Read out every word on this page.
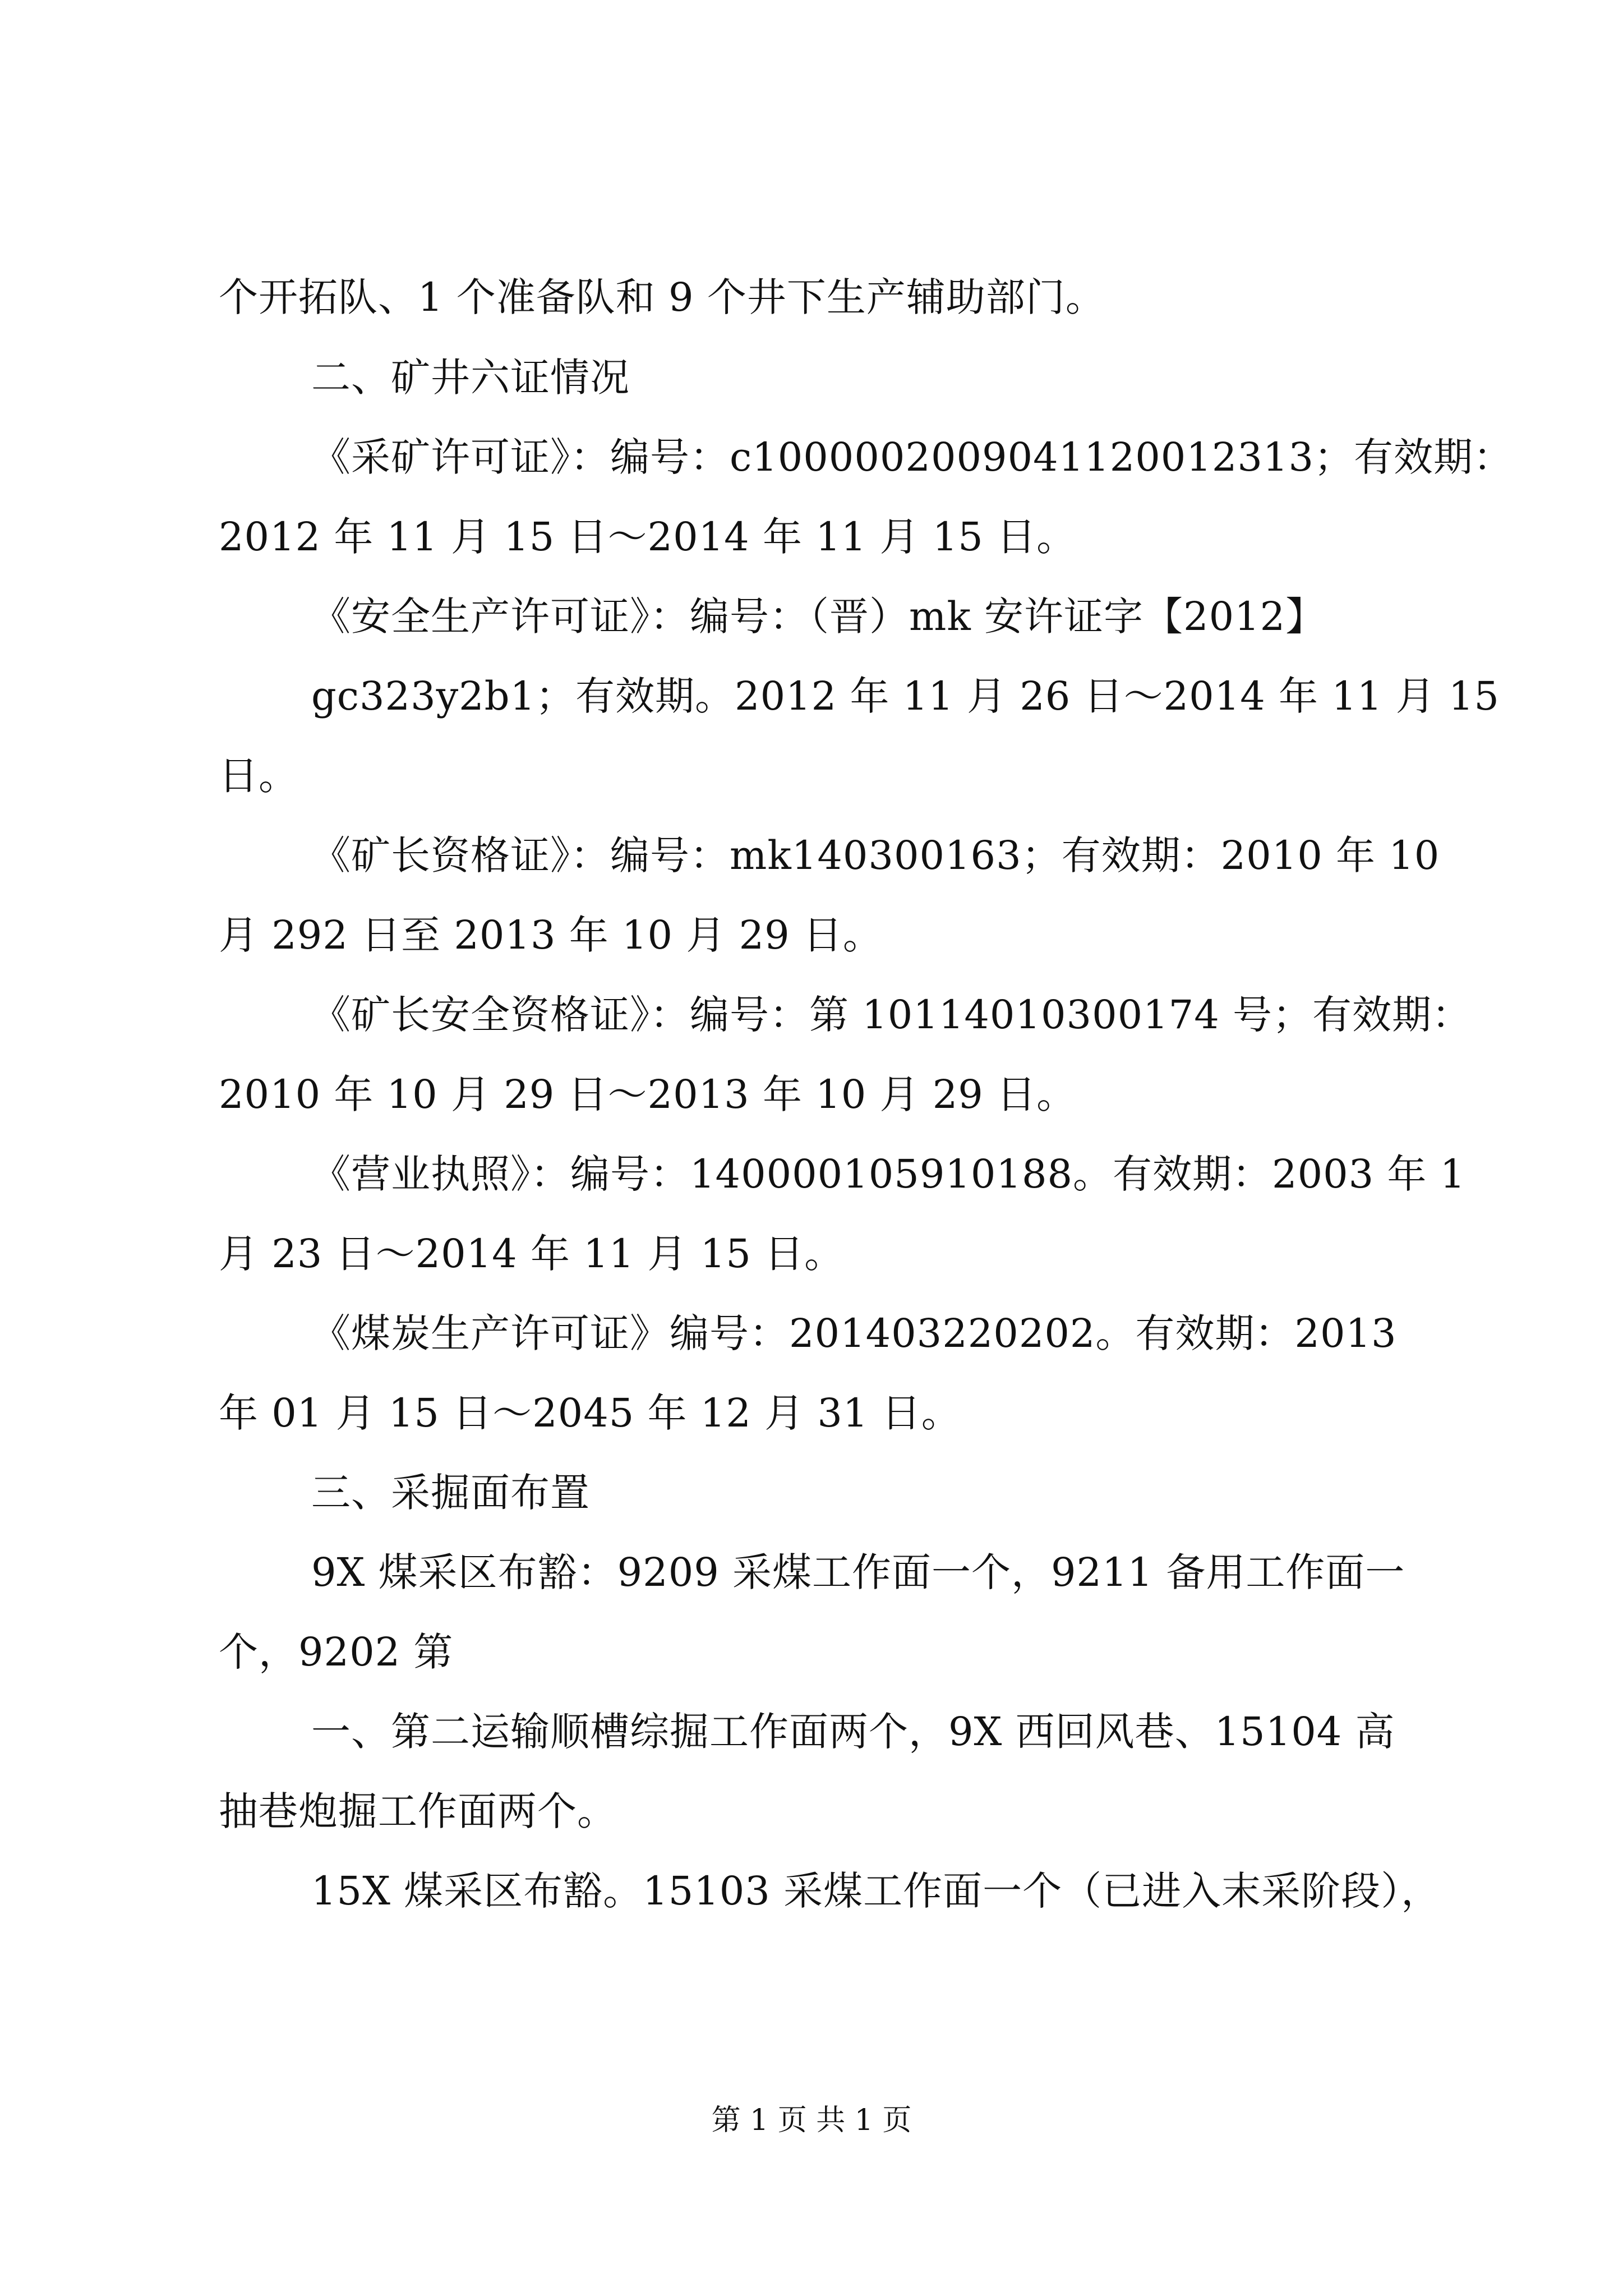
个开拓队、1 个准备队和 9 个井下生产辅助部门。
二、矿井六证情况
《采矿许可证》：编号：c1000002009041120012313；有效期：
2012 年 11 月 15 日～2014 年 11 月 15 日。
《安全生产许可证》：编号：（晋）mk 安许证字【2012】
gc323y2b1；有效期。2012 年 11 月 26 日～2014 年 11 月 15
日。
《矿长资格证》：编号：mk140300163；有效期：2010 年 10
月 292 日至 2013 年 10 月 29 日。
《矿长安全资格证》：编号：第 10114010300174 号；有效期：
2010 年 10 月 29 日～2013 年 10 月 29 日。
《营业执照》：编号：140000105910188。有效期：2003 年 1
月 23 日～2014 年 11 月 15 日。
《煤炭生产许可证》编号：201403220202。有效期：2013
年 01 月 15 日～2045 年 12 月 31 日。
三、采掘面布置
9X 煤采区布豁：9209 采煤工作面一个，9211 备用工作面一
个，9202 第
一、第二运输顺槽综掘工作面两个，9X 西回风巷、15104 高
抽巷炮掘工作面两个。
15X 煤采区布豁。15103 采煤工作面一个（已进入末采阶段），
第 1 页 共 1 页
